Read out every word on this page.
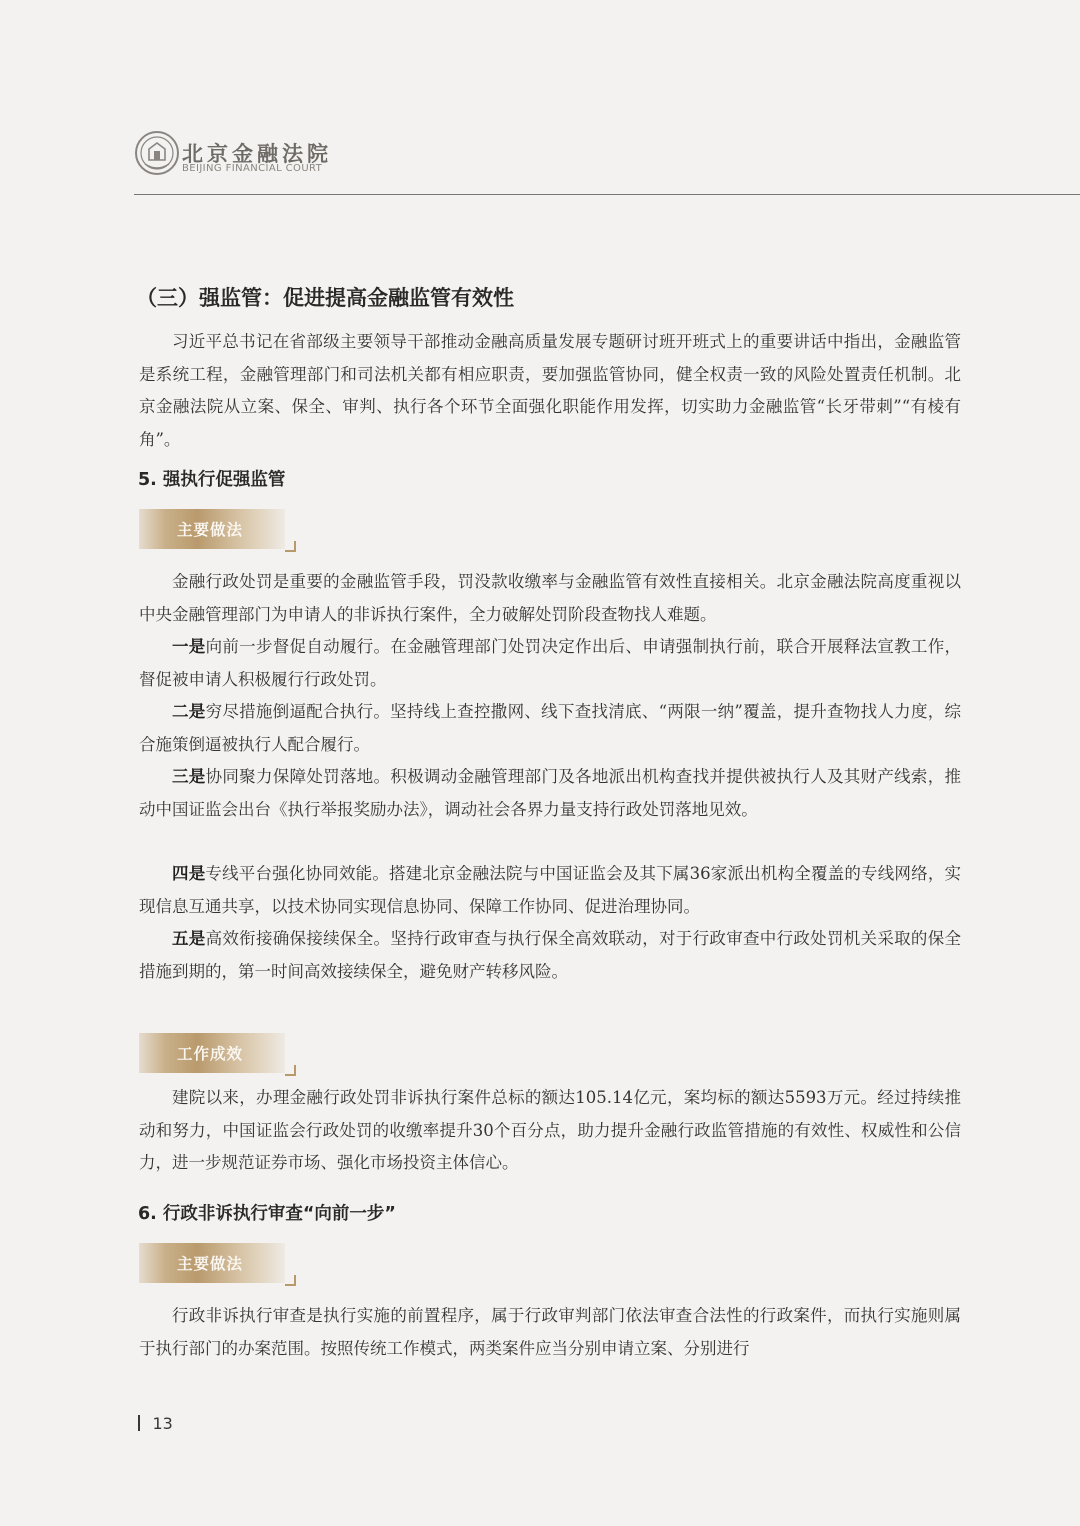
北京金融法院
BEIJING FINANCIAL COURT
（三）强监管：促进提高金融监管有效性

习近平总书记在省部级主要领导干部推动金融高质量发展专题研讨班开班式上的重要讲话中指出，金融监管是系统工程，金融管理部门和司法机关都有相应职责，要加强监管协同，健全权责一致的风险处置责任机制。北京金融法院从立案、保全、审判、执行各个环节全面强化职能作用发挥，切实助力金融监管“长牙带刺”“有棱有角”。

5. 强执行促强监管
主要做法

金融行政处罚是重要的金融监管手段，罚没款收缴率与金融监管有效性直接相关。北京金融法院高度重视以中央金融管理部门为申请人的非诉执行案件，全力破解处罚阶段查物找人难题。

一是向前一步督促自动履行。在金融管理部门处罚决定作出后、申请强制执行前，联合开展释法宣教工作，督促被申请人积极履行行政处罚。

二是穷尽措施倒逼配合执行。坚持线上查控撒网、线下查找清底、“两限一纳”覆盖，提升查物找人力度，综合施策倒逼被执行人配合履行。

三是协同聚力保障处罚落地。积极调动金融管理部门及各地派出机构查找并提供被执行人及其财产线索，推动中国证监会出台《执行举报奖励办法》，调动社会各界力量支持行政处罚落地见效。

四是专线平台强化协同效能。搭建北京金融法院与中国证监会及其下属36家派出机构全覆盖的专线网络，实现信息互通共享，以技术协同实现信息协同、保障工作协同、促进治理协同。

五是高效衔接确保接续保全。坚持行政审查与执行保全高效联动，对于行政审查中行政处罚机关采取的保全措施到期的，第一时间高效接续保全，避免财产转移风险。

工作成效

建院以来，办理金融行政处罚非诉执行案件总标的额达105.14亿元，案均标的额达5593万元。经过持续推动和努力，中国证监会行政处罚的收缴率提升30个百分点，助力提升金融行政监管措施的有效性、权威性和公信力，进一步规范证券市场、强化市场投资主体信心。

6. 行政非诉执行审查“向前一步”
主要做法

行政非诉执行审查是执行实施的前置程序，属于行政审判部门依法审查合法性的行政案件，而执行实施则属于执行部门的办案范围。按照传统工作模式，两类案件应当分别申请立案、分别进行

13
